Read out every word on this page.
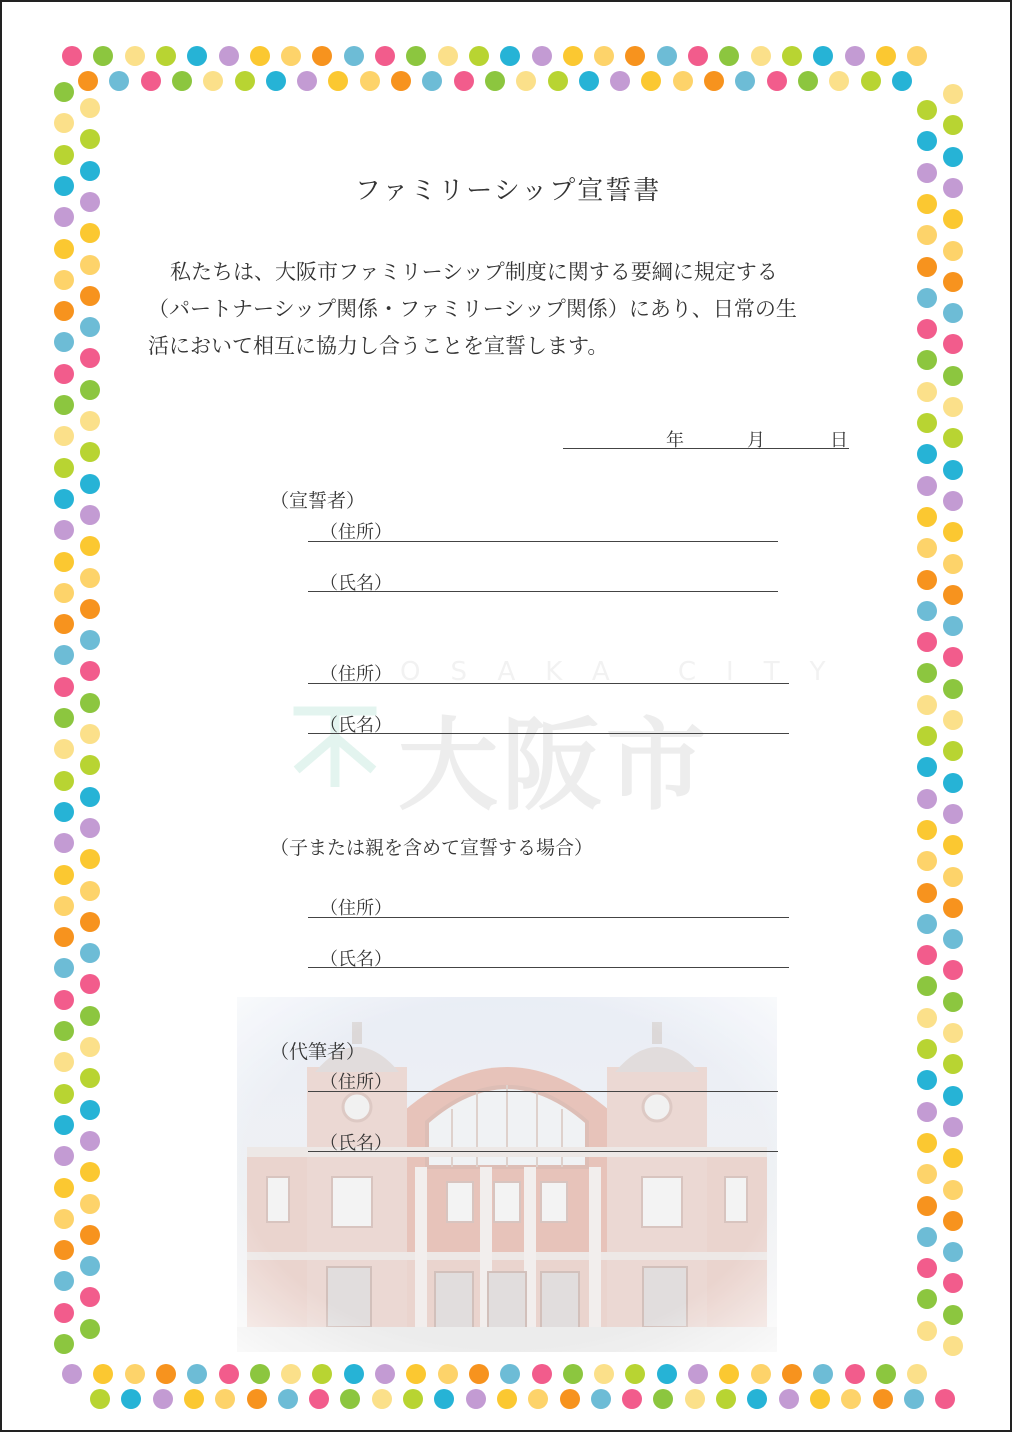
OSAKA CITY
大阪市
ファミリーシップ宣誓書
私たちは、大阪市ファミリーシップ制度に関する要綱に規定する
（パートナーシップ関係・ファミリーシップ関係）にあり、日常の生
活において相互に協力し合うことを宣誓します。
年	月	日
（宣誓者）
（住所）
（氏名）
（住所）
（氏名）
（子または親を含めて宣誓する場合）
（住所）
（氏名）
（代筆者）
（住所）
（氏名）
